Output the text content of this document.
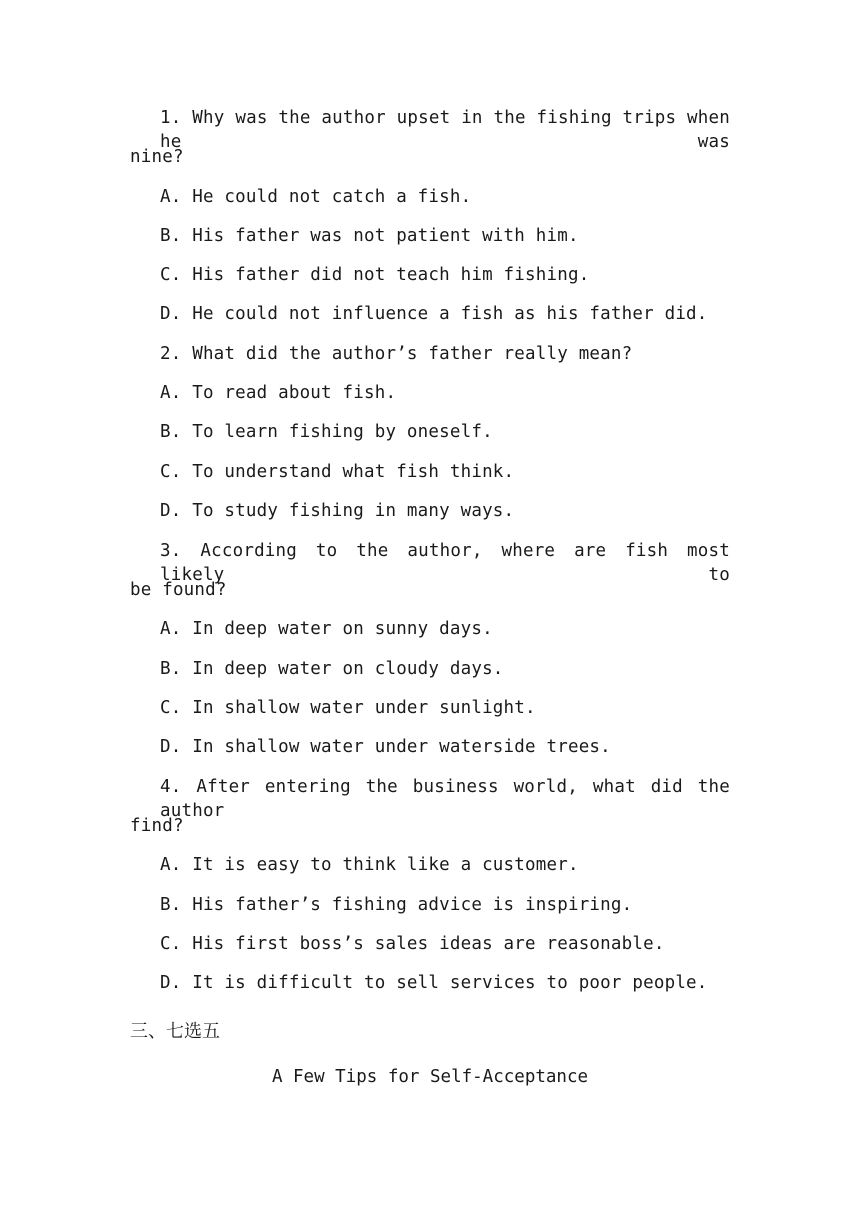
1. Why was the author upset in the fishing trips when he was
nine?
A. He could not catch a fish.
B. His father was not patient with him.
C. His father did not teach him fishing.
D. He could not influence a fish as his father did.
2. What did the author’s father really mean?
A. To read about fish.
B. To learn fishing by oneself.
C. To understand what fish think.
D. To study fishing in many ways.
3. According to the author, where are fish most likely to
be found?
A. In deep water on sunny days.
B. In deep water on cloudy days.
C. In shallow water under sunlight.
D. In shallow water under waterside trees.
4. After entering the business world, what did the author
find?
A. It is easy to think like a customer.
B. His father’s fishing advice is inspiring.
C. His first boss’s sales ideas are reasonable.
D. It is difficult to sell services to poor people.
三、七选五
A Few Tips for Self-Acceptance
